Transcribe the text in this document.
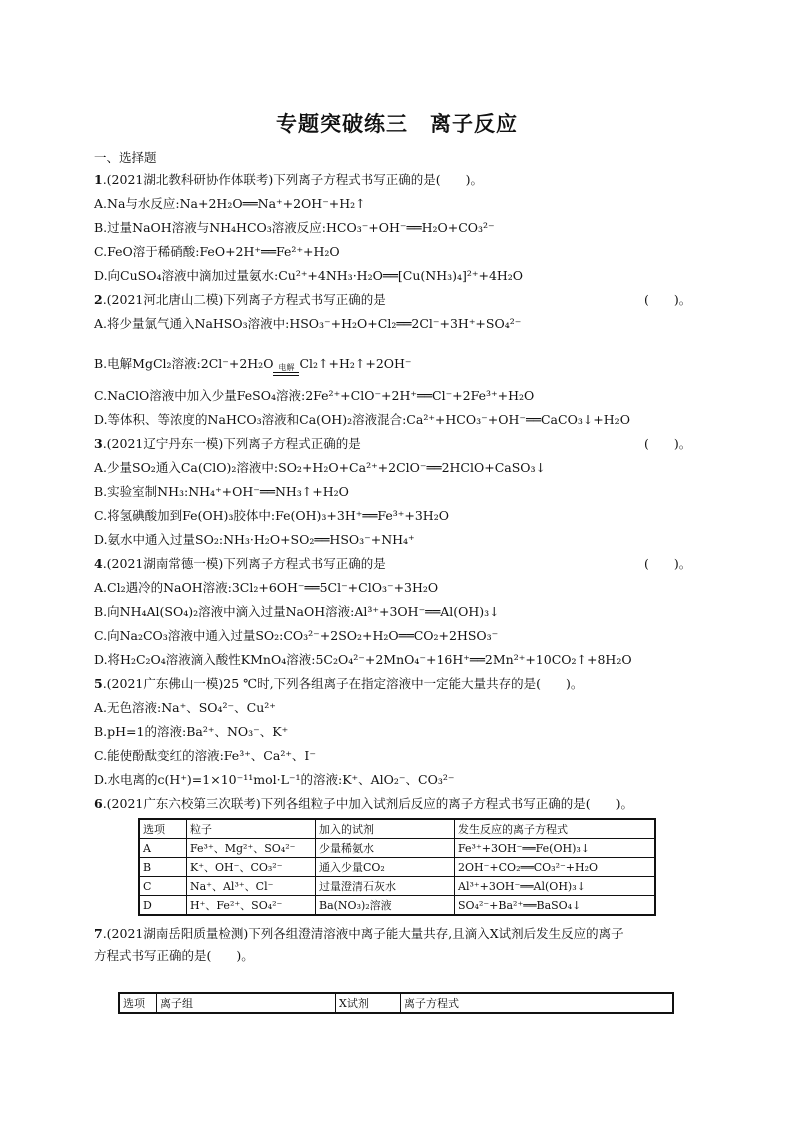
专题突破练三　离子反应
一、选择题
1.(2021湖北教科研协作体联考)下列离子方程式书写正确的是(　　)。
A.Na与水反应:Na+2H₂O══Na⁺+2OH⁻+H₂↑
B.过量NaOH溶液与NH₄HCO₃溶液反应:HCO₃⁻+OH⁻══H₂O+CO₃²⁻
C.FeO溶于稀硝酸:FeO+2H⁺══Fe²⁺+H₂O
D.向CuSO₄溶液中滴加过量氨水:Cu²⁺+4NH₃·H₂O══[Cu(NH₃)₄]²⁺+4H₂O
2.(2021河北唐山二模)下列离子方程式书写正确的是	(　　)。
A.将少量氯气通入NaHSO₃溶液中:HSO₃⁻+H₂O+Cl₂══2Cl⁻+3H⁺+SO₄²⁻
B.电解MgCl₂溶液:2Cl⁻+2H₂O 电解 Cl₂↑+H₂↑+2OH⁻
C.NaClO溶液中加入少量FeSO₄溶液:2Fe²⁺+ClO⁻+2H⁺══Cl⁻+2Fe³⁺+H₂O
D.等体积、等浓度的NaHCO₃溶液和Ca(OH)₂溶液混合:Ca²⁺+HCO₃⁻+OH⁻══CaCO₃↓+H₂O
3.(2021辽宁丹东一模)下列离子方程式正确的是	(　　)。
A.少量SO₂通入Ca(ClO)₂溶液中:SO₂+H₂O+Ca²⁺+2ClO⁻══2HClO+CaSO₃↓
B.实验室制NH₃:NH₄⁺+OH⁻══NH₃↑+H₂O
C.将氢碘酸加到Fe(OH)₃胶体中:Fe(OH)₃+3H⁺══Fe³⁺+3H₂O
D.氨水中通入过量SO₂:NH₃·H₂O+SO₂══HSO₃⁻+NH₄⁺
4.(2021湖南常德一模)下列离子方程式书写正确的是	(　　)。
A.Cl₂遇冷的NaOH溶液:3Cl₂+6OH⁻══5Cl⁻+ClO₃⁻+3H₂O
B.向NH₄Al(SO₄)₂溶液中滴入过量NaOH溶液:Al³⁺+3OH⁻══Al(OH)₃↓
C.向Na₂CO₃溶液中通入过量SO₂:CO₃²⁻+2SO₂+H₂O══CO₂+2HSO₃⁻
D.将H₂C₂O₄溶液滴入酸性KMnO₄溶液:5C₂O₄²⁻+2MnO₄⁻+16H⁺══2Mn²⁺+10CO₂↑+8H₂O
5.(2021广东佛山一模)25 ℃时,下列各组离子在指定溶液中一定能大量共存的是(　　)。
A.无色溶液:Na⁺、SO₄²⁻、Cu²⁺
B.pH=1的溶液:Ba²⁺、NO₃⁻、K⁺
C.能使酚酞变红的溶液:Fe³⁺、Ca²⁺、I⁻
D.水电离的c(H⁺)=1×10⁻¹¹mol·L⁻¹的溶液:K⁺、AlO₂⁻、CO₃²⁻
6.(2021广东六校第三次联考)下列各组粒子中加入试剂后反应的离子方程式书写正确的是(　　)。
选项	粒子	加入的试剂	发生反应的离子方程式
A	Fe³⁺、Mg²⁺、SO₄²⁻	少量稀氨水	Fe³⁺+3OH⁻══Fe(OH)₃↓
B	K⁺、OH⁻、CO₃²⁻	通入少量CO₂	2OH⁻+CO₂══CO₃²⁻+H₂O
C	Na⁺、Al³⁺、Cl⁻	过量澄清石灰水	Al³⁺+3OH⁻══Al(OH)₃↓
D	H⁺、Fe²⁺、SO₄²⁻	Ba(NO₃)₂溶液	SO₄²⁻+Ba²⁺══BaSO₄↓
7.(2021湖南岳阳质量检测)下列各组澄清溶液中离子能大量共存,且滴入X试剂后发生反应的离子
方程式书写正确的是(　　)。
选项	离子组	X试剂	离子方程式
